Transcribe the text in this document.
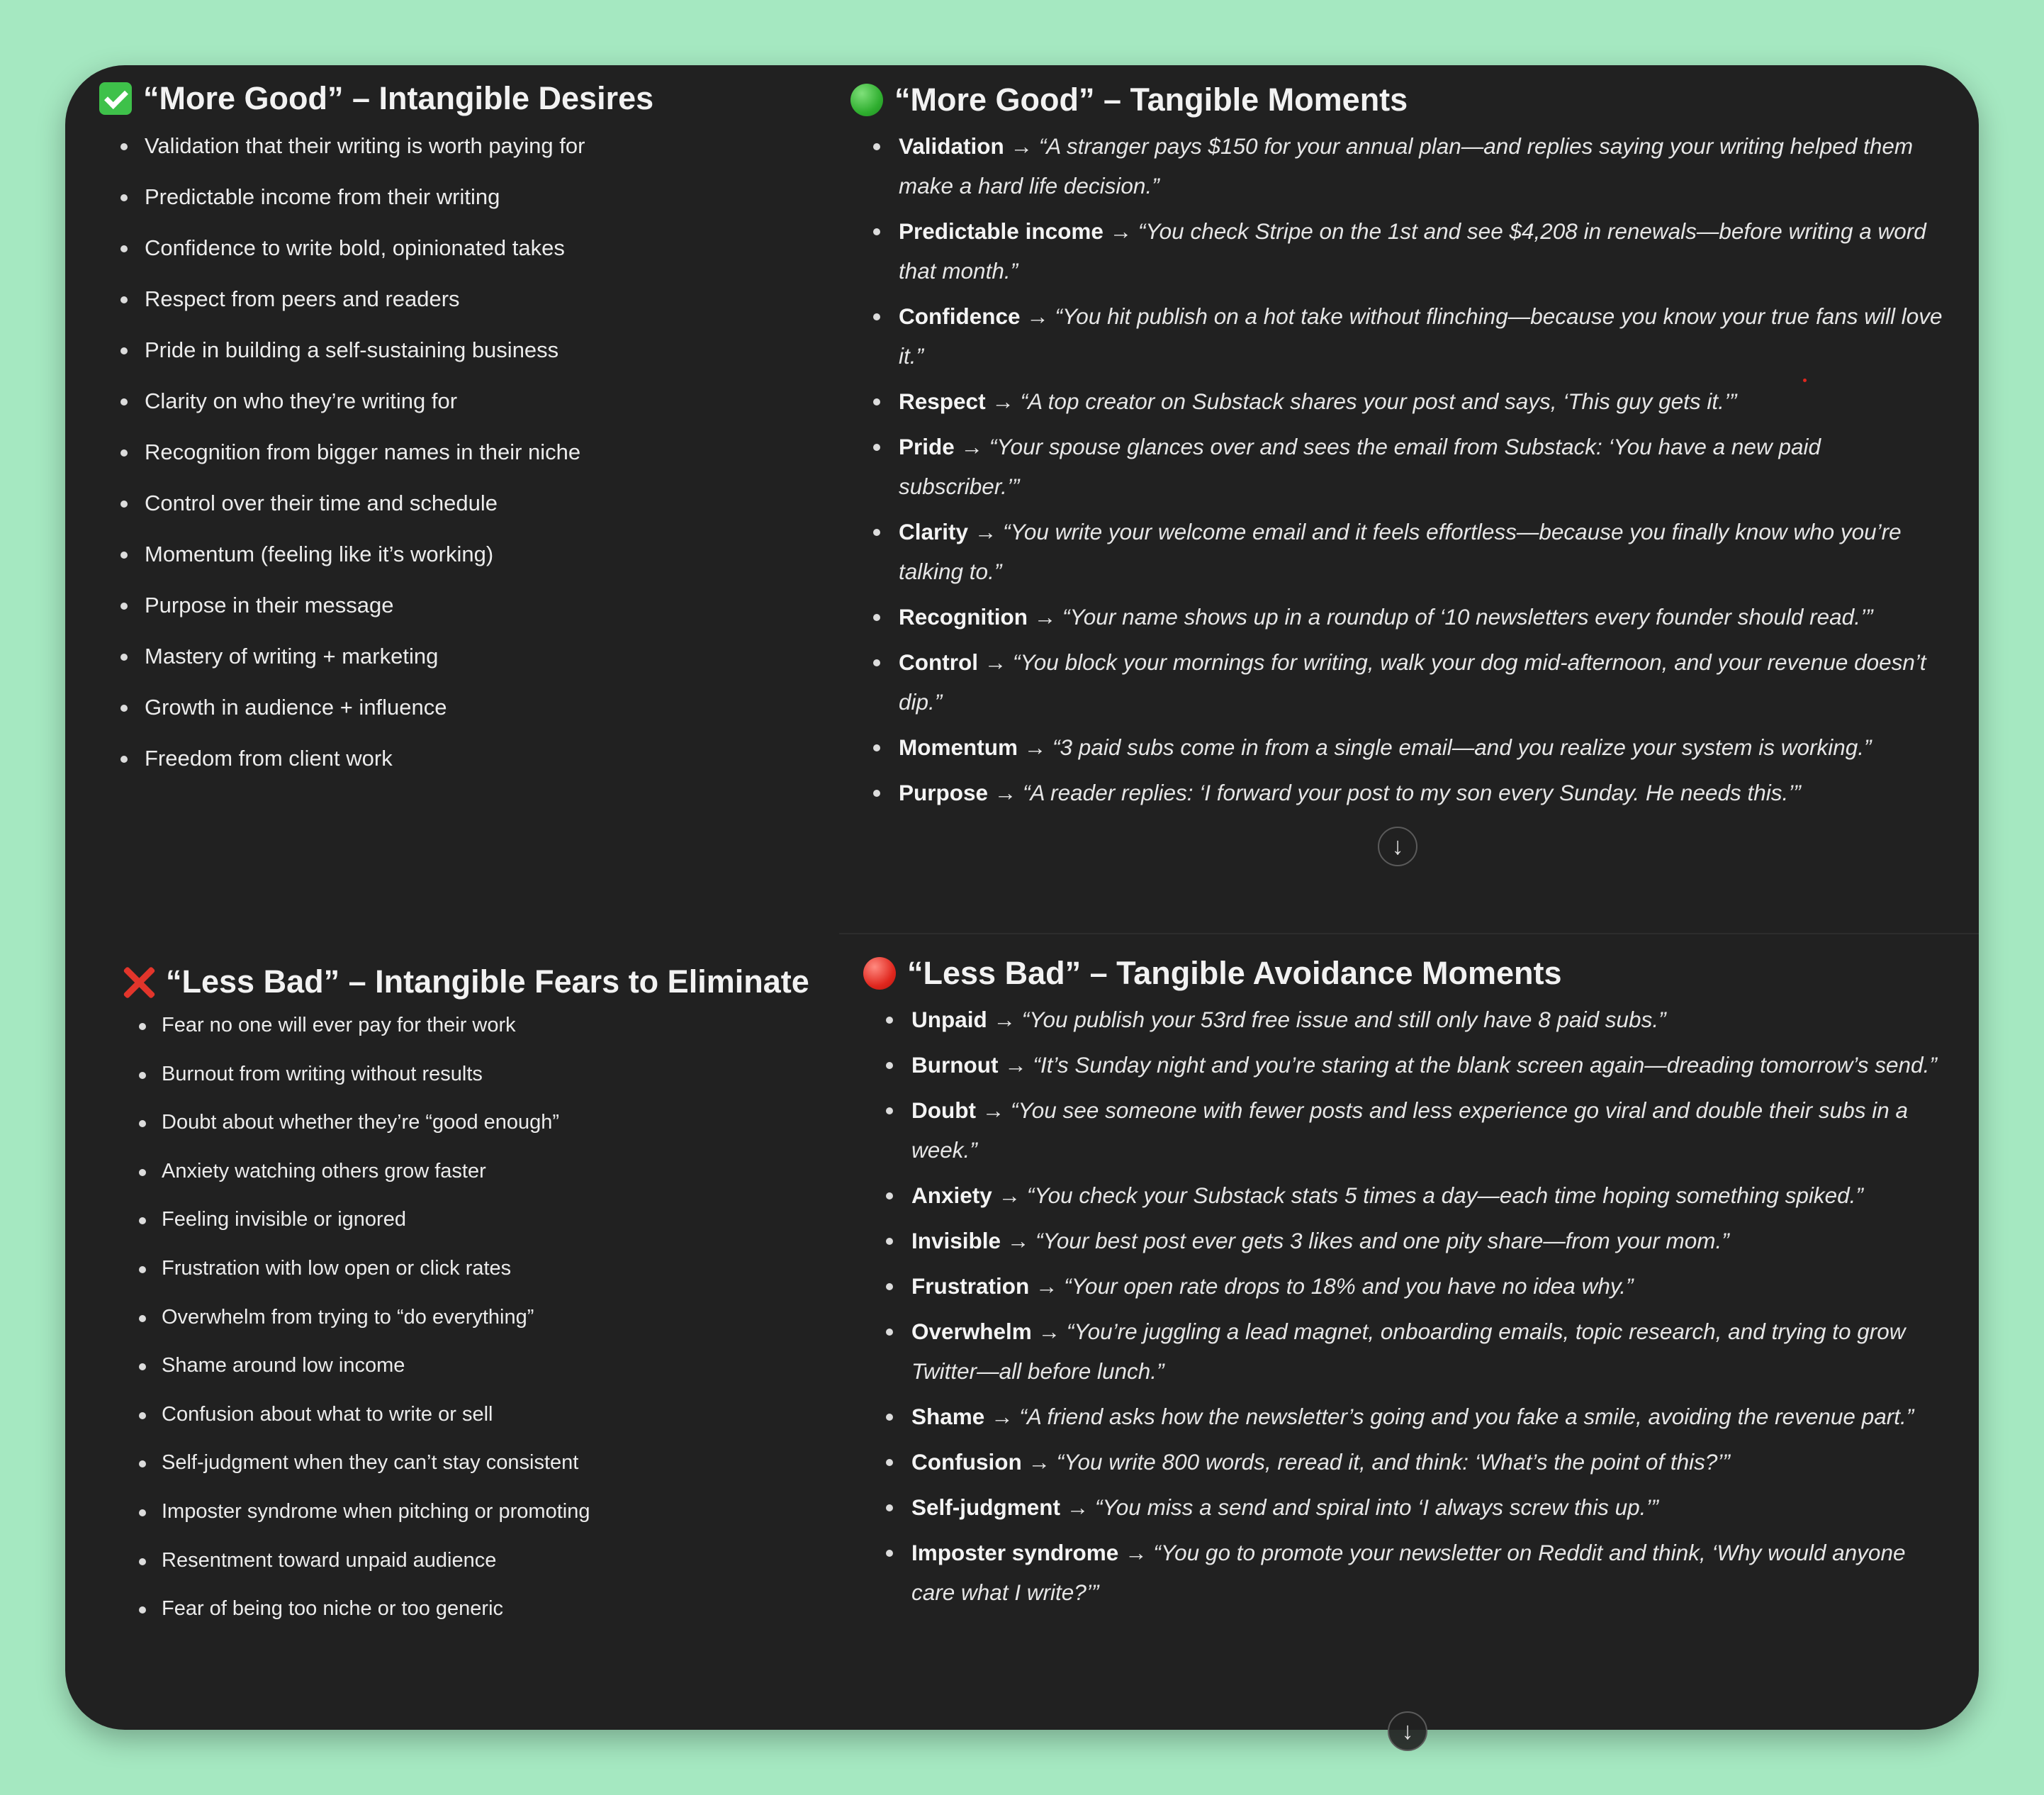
“More Good” – Intangible Desires
Validation that their writing is worth paying for
Predictable income from their writing
Confidence to write bold, opinionated takes
Respect from peers and readers
Pride in building a self-sustaining business
Clarity on who they’re writing for
Recognition from bigger names in their niche
Control over their time and schedule
Momentum (feeling like it’s working)
Purpose in their message
Mastery of writing + marketing
Growth in audience + influence
Freedom from client work
“More Good” – Tangible Moments
Validation → “A stranger pays $150 for your annual plan—and replies saying your writing helped them make a hard life decision.”
Predictable income → “You check Stripe on the 1st and see $4,208 in renewals—before writing a word that month.”
Confidence → “You hit publish on a hot take without flinching—because you know your true fans will love it.”
Respect → “A top creator on Substack shares your post and says, ‘This guy gets it.’”
Pride → “Your spouse glances over and sees the email from Substack: ‘You have a new paid subscriber.’”
Clarity → “You write your welcome email and it feels effortless—because you finally know who you’re talking to.”
Recognition → “Your name shows up in a roundup of ‘10 newsletters every founder should read.’”
Control → “You block your mornings for writing, walk your dog mid-afternoon, and your revenue doesn’t dip.”
Momentum → “3 paid subs come in from a single email—and you realize your system is working.”
Purpose → “A reader replies: ‘I forward your post to my son every Sunday. He needs this.’”
“Less Bad” – Intangible Fears to Eliminate
Fear no one will ever pay for their work
Burnout from writing without results
Doubt about whether they’re “good enough”
Anxiety watching others grow faster
Feeling invisible or ignored
Frustration with low open or click rates
Overwhelm from trying to “do everything”
Shame around low income
Confusion about what to write or sell
Self-judgment when they can’t stay consistent
Imposter syndrome when pitching or promoting
Resentment toward unpaid audience
Fear of being too niche or too generic
“Less Bad” – Tangible Avoidance Moments
Unpaid → “You publish your 53rd free issue and still only have 8 paid subs.”
Burnout → “It’s Sunday night and you’re staring at the blank screen again—dreading tomorrow’s send.”
Doubt → “You see someone with fewer posts and less experience go viral and double their subs in a week.”
Anxiety → “You check your Substack stats 5 times a day—each time hoping something spiked.”
Invisible → “Your best post ever gets 3 likes and one pity share—from your mom.”
Frustration → “Your open rate drops to 18% and you have no idea why.”
Overwhelm → “You’re juggling a lead magnet, onboarding emails, topic research, and trying to grow Twitter—all before lunch.”
Shame → “A friend asks how the newsletter’s going and you fake a smile, avoiding the revenue part.”
Confusion → “You write 800 words, reread it, and think: ‘What’s the point of this?’”
Self-judgment → “You miss a send and spiral into ‘I always screw this up.’”
Imposter syndrome → “You go to promote your newsletter on Reddit and think, ‘Why would anyone care what I write?’”
↓
↓
